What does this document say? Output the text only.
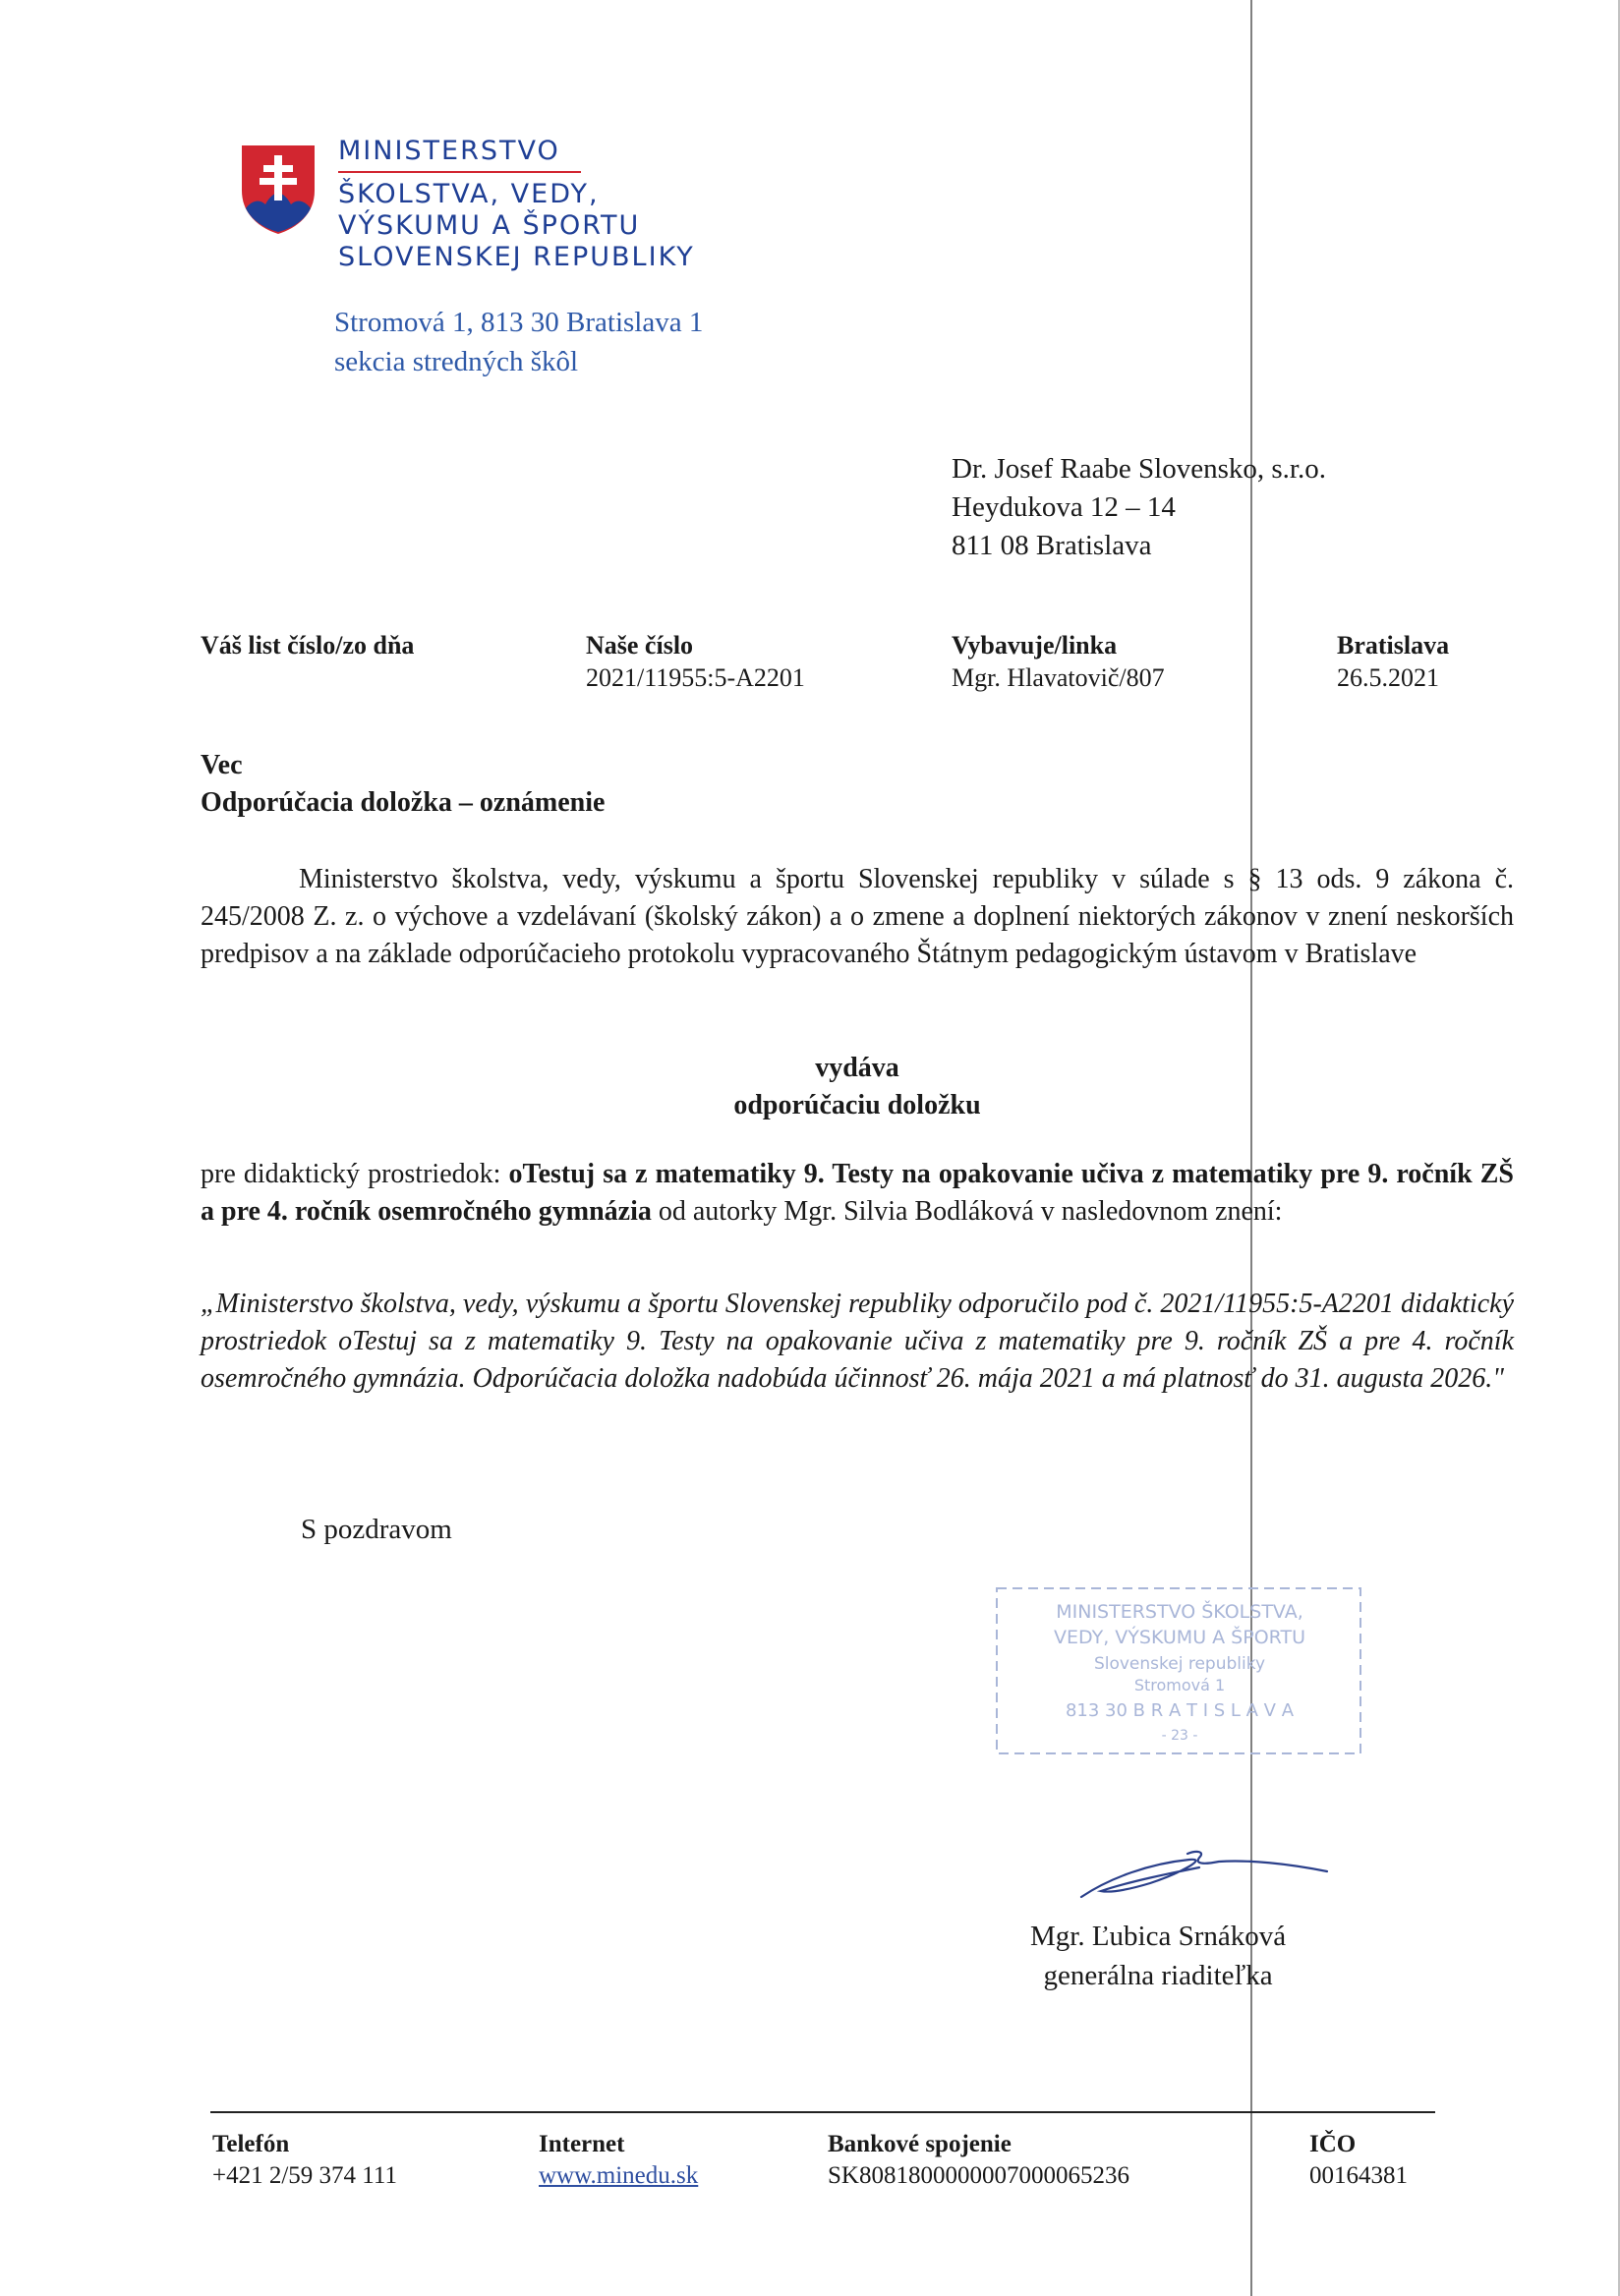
MINISTERSTVO
ŠKOLSTVA, VEDY,
VÝSKUMU A ŠPORTU
SLOVENSKEJ REPUBLIKY
Stromová 1, 813 30 Bratislava 1
sekcia stredných škôl
Dr. Josef Raabe Slovensko, s.r.o.
Heydukova 12 – 14
811 08 Bratislava
Váš list číslo/zo dňa	Naše číslo
2021/11955:5-A2201
Vybavuje/linka
Mgr. Hlavatovič/807
Bratislava
26.5.2021
Vec
Odporúčacia doložka – oznámenie
Ministerstvo školstva, vedy, výskumu a športu Slovenskej republiky v súlade s § 13 ods. 9 zákona č. 245/2008 Z. z. o výchove a vzdelávaní (školský zákon) a o zmene a doplnení niektorých zákonov v znení neskorších predpisov a na základe odporúčacieho protokolu vypracovaného Štátnym pedagogickým ústavom v Bratislave
vydáva
odporúčaciu doložku
pre didaktický prostriedok: oTestuj sa z matematiky 9. Testy na opakovanie učiva z matematiky pre 9. ročník ZŠ a pre 4. ročník osemročného gymnázia od autorky Mgr. Silvia Bodláková v nasledovnom znení:
„Ministerstvo školstva, vedy, výskumu a športu Slovenskej republiky odporučilo pod č. 2021/11955:5-A2201 didaktický prostriedok oTestuj sa z matematiky 9. Testy na opakovanie učiva z matematiky pre 9. ročník ZŠ a pre 4. ročník osemročného gymnázia. Odporúčacia doložka nadobúda účinnosť 26. mája 2021 a má platnosť do 31. augusta 2026."
S pozdravom
MINISTERSTVO ŠKOLSTVA,
VEDY, VÝSKUMU A ŠPORTU
Slovenskej republiky
Stromová 1
813 30 B R A T I S L A V A
- 23 -
Mgr. Ľubica Srnáková
generálna riaditeľka
Telefón
+421 2/59 374 111
Internet
www.minedu.sk
Bankové spojenie
SK8081800000007000065236
IČO
00164381
